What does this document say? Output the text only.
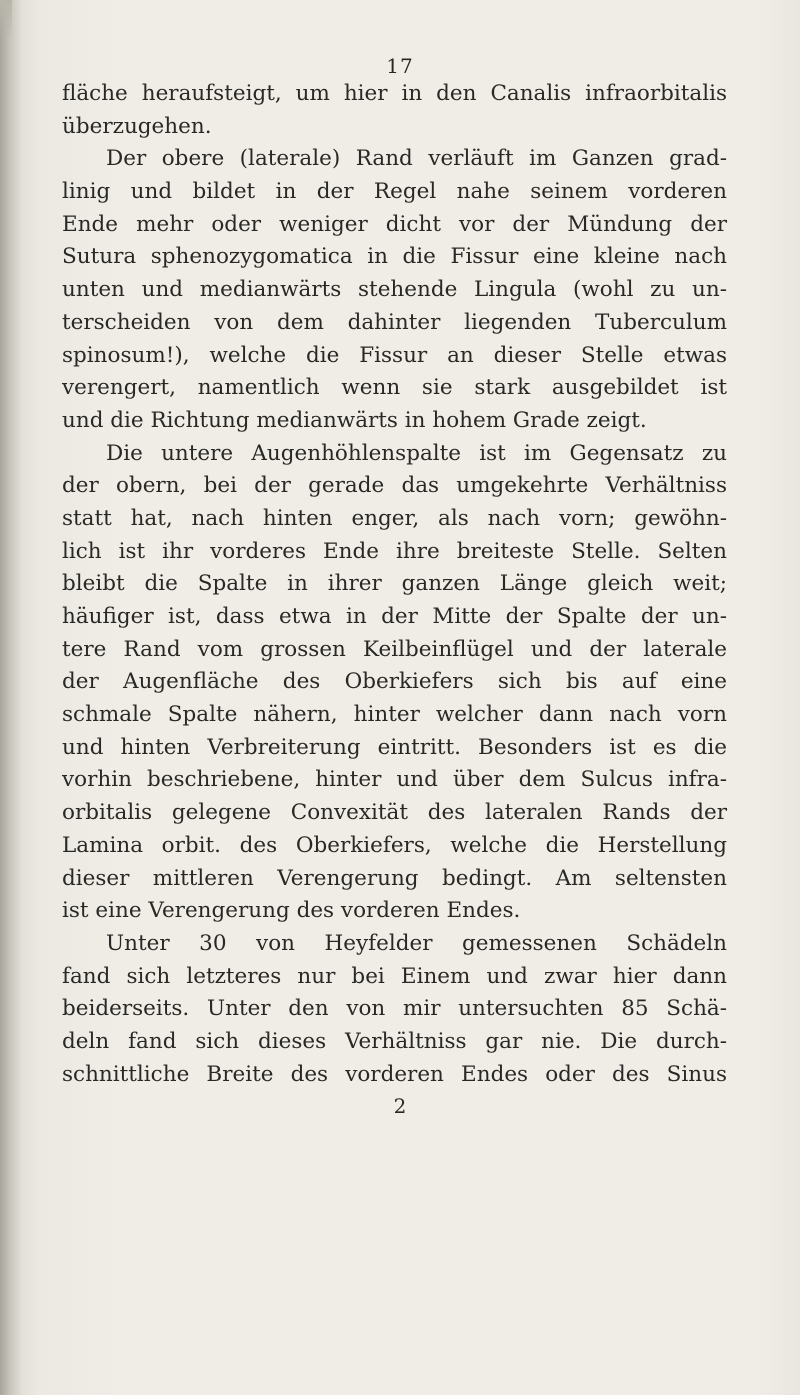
17
fläche heraufsteigt, um hier in den Canalis infraorbitalis
überzugehen.
Der obere (laterale) Rand verläuft im Ganzen grad-
linig und bildet in der Regel nahe seinem vorderen
Ende mehr oder weniger dicht vor der Mündung der
Sutura sphenozygomatica in die Fissur eine kleine nach
unten und medianwärts stehende Lingula (wohl zu un-
terscheiden von dem dahinter liegenden Tuberculum
spinosum!), welche die Fissur an dieser Stelle etwas
verengert, namentlich wenn sie stark ausgebildet ist
und die Richtung medianwärts in hohem Grade zeigt.
Die untere Augenhöhlenspalte ist im Gegensatz zu
der obern, bei der gerade das umgekehrte Verhältniss
statt hat, nach hinten enger, als nach vorn; gewöhn-
lich ist ihr vorderes Ende ihre breiteste Stelle. Selten
bleibt die Spalte in ihrer ganzen Länge gleich weit;
häufiger ist, dass etwa in der Mitte der Spalte der un-
tere Rand vom grossen Keilbeinflügel und der laterale
der Augenfläche des Oberkiefers sich bis auf eine
schmale Spalte nähern, hinter welcher dann nach vorn
und hinten Verbreiterung eintritt. Besonders ist es die
vorhin beschriebene, hinter und über dem Sulcus infra-
orbitalis gelegene Convexität des lateralen Rands der
Lamina orbit. des Oberkiefers, welche die Herstellung
dieser mittleren Verengerung bedingt. Am seltensten
ist eine Verengerung des vorderen Endes.
Unter 30 von Heyfelder gemessenen Schädeln
fand sich letzteres nur bei Einem und zwar hier dann
beiderseits. Unter den von mir untersuchten 85 Schä-
deln fand sich dieses Verhältniss gar nie. Die durch-
schnittliche Breite des vorderen Endes oder des Sinus
2
